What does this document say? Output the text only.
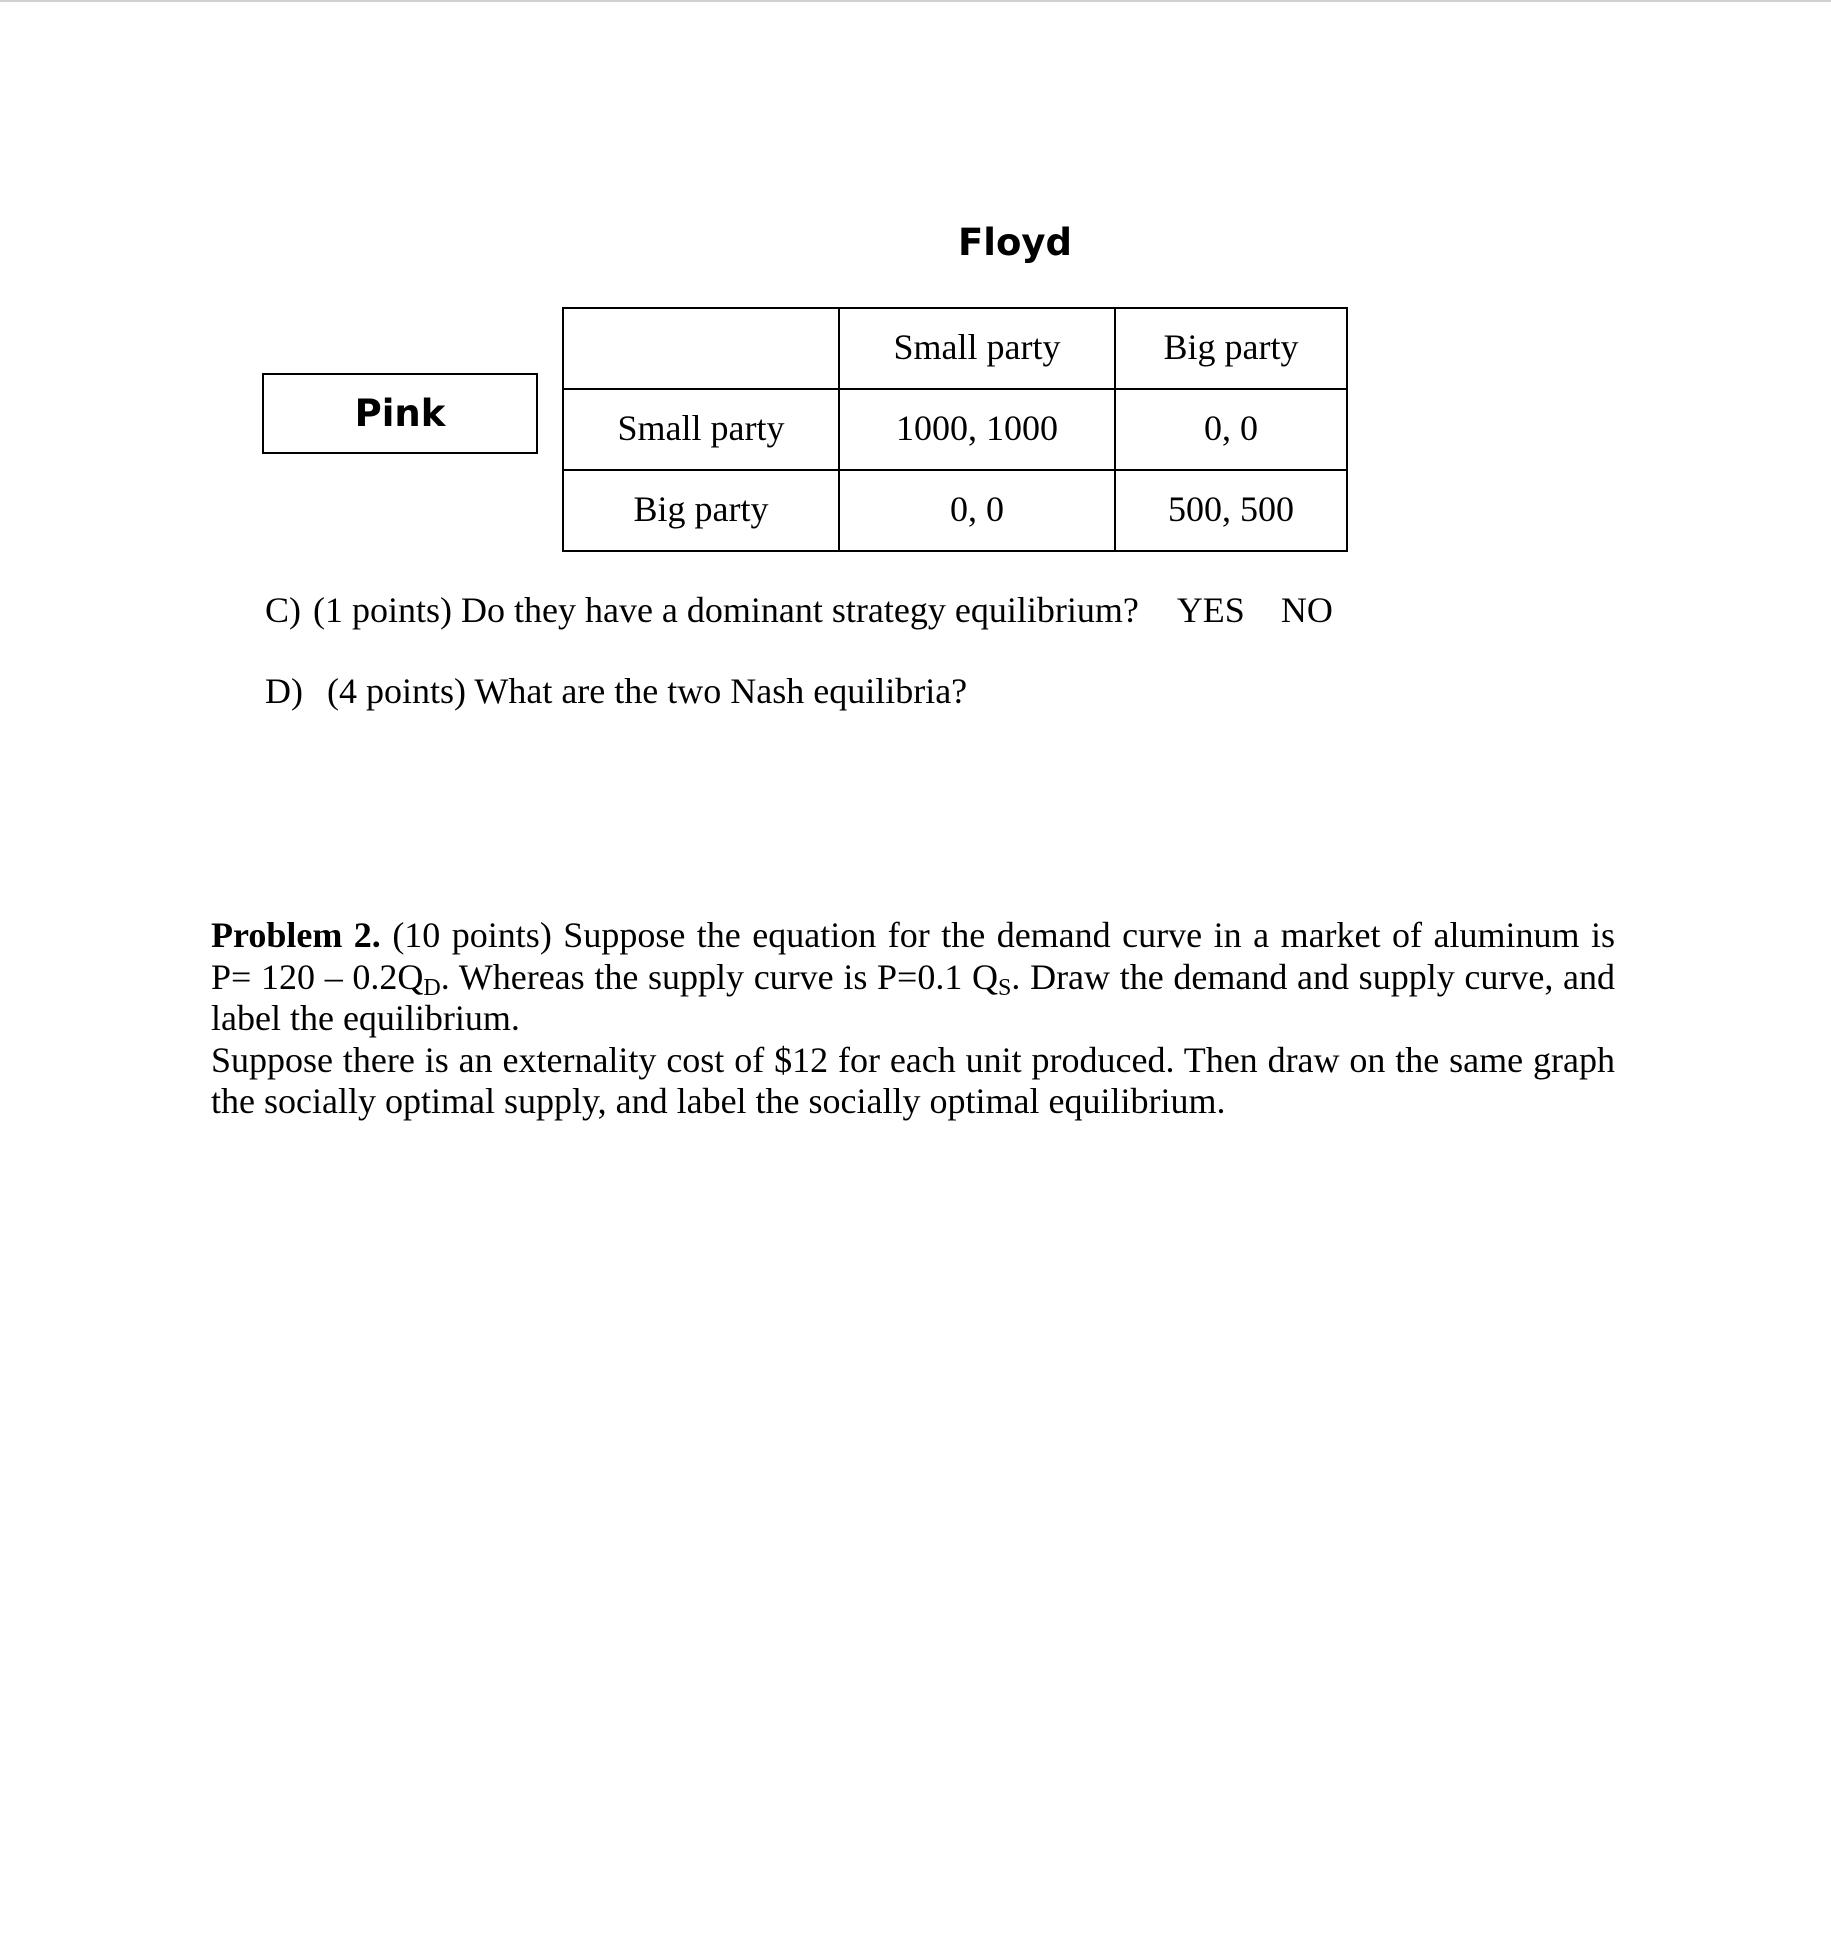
Floyd
Pink
	Small party	Big party
Small party	1000, 1000	0, 0
Big party	0, 0	500, 500
C) (1 points) Do they have a dominant strategy equilibrium? YES NO
D) (4 points) What are the two Nash equilibria?

Problem 2. (10 points) Suppose the equation for the demand curve in a market of aluminum is $P= 120 - 0.2Q_D$. Whereas the supply curve is P=0.1 $Q_S$. Draw the demand and supply curve, and label the equilibrium.

Suppose there is an externality cost of $12 for each unit produced. Then draw on the same graph the socially optimal supply, and label the socially optimal equilibrium.
